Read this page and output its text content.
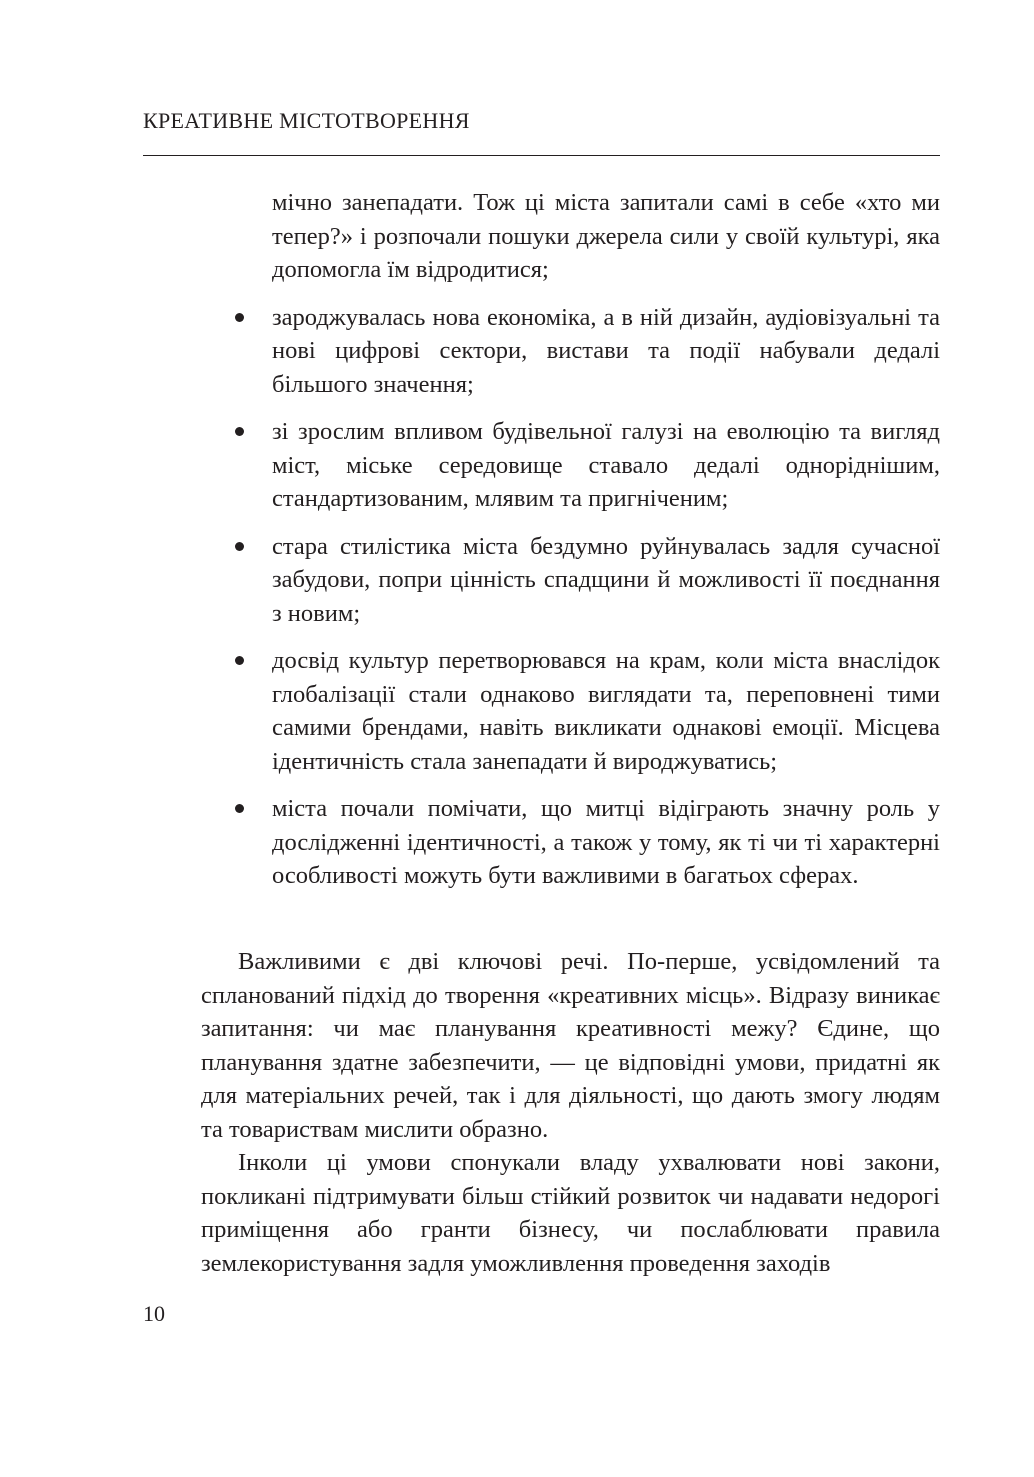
КРЕАТИВНЕ МІСТОТВОРЕННЯ
мічно занепадати. Тож ці міста запитали самі в себе «хто ми тепер?» і розпочали пошуки джерела сили у своїй культурі, яка допомогла їм відродитися;
зароджувалась нова економіка, а в ній дизайн, аудіовізуальні та нові цифрові сектори, вистави та події набували дедалі більшого значення;
зі зрослим впливом будівельної галузі на еволюцію та вигляд міст, міське середовище ставало дедалі одноріднішим, стандартизованим, млявим та пригніченим;
стара стилістика міста бездумно руйнувалась задля сучасної забудови, попри цінність спадщини й можливості її поєднання з новим;
досвід культур перетворювався на крам, коли міста внаслідок глобалізації стали однаково виглядати та, переповнені тими самими брендами, навіть викликати однакові емоції. Місцева ідентичність стала занепадати й вироджуватись;
міста почали помічати, що митці відіграють значну роль у дослідженні ідентичності, а також у тому, як ті чи ті характерні особливості можуть бути важливими в багатьох сферах.
Важливими є дві ключові речі. По-перше, усвідомлений та спланований підхід до творення «креативних місць». Відразу виникає запитання: чи має планування креативності межу? Єдине, що планування здатне забезпечити, — це відповідні умови, придатні як для матеріальних речей, так і для діяльності, що дають змогу людям та товариствам мислити образно.
Інколи ці умови спонукали владу ухвалювати нові закони, покликані підтримувати більш стійкий розвиток чи надавати недорогі приміщення або гранти бізнесу, чи послаблювати правила землекористування задля уможливлення проведення заходів
10
